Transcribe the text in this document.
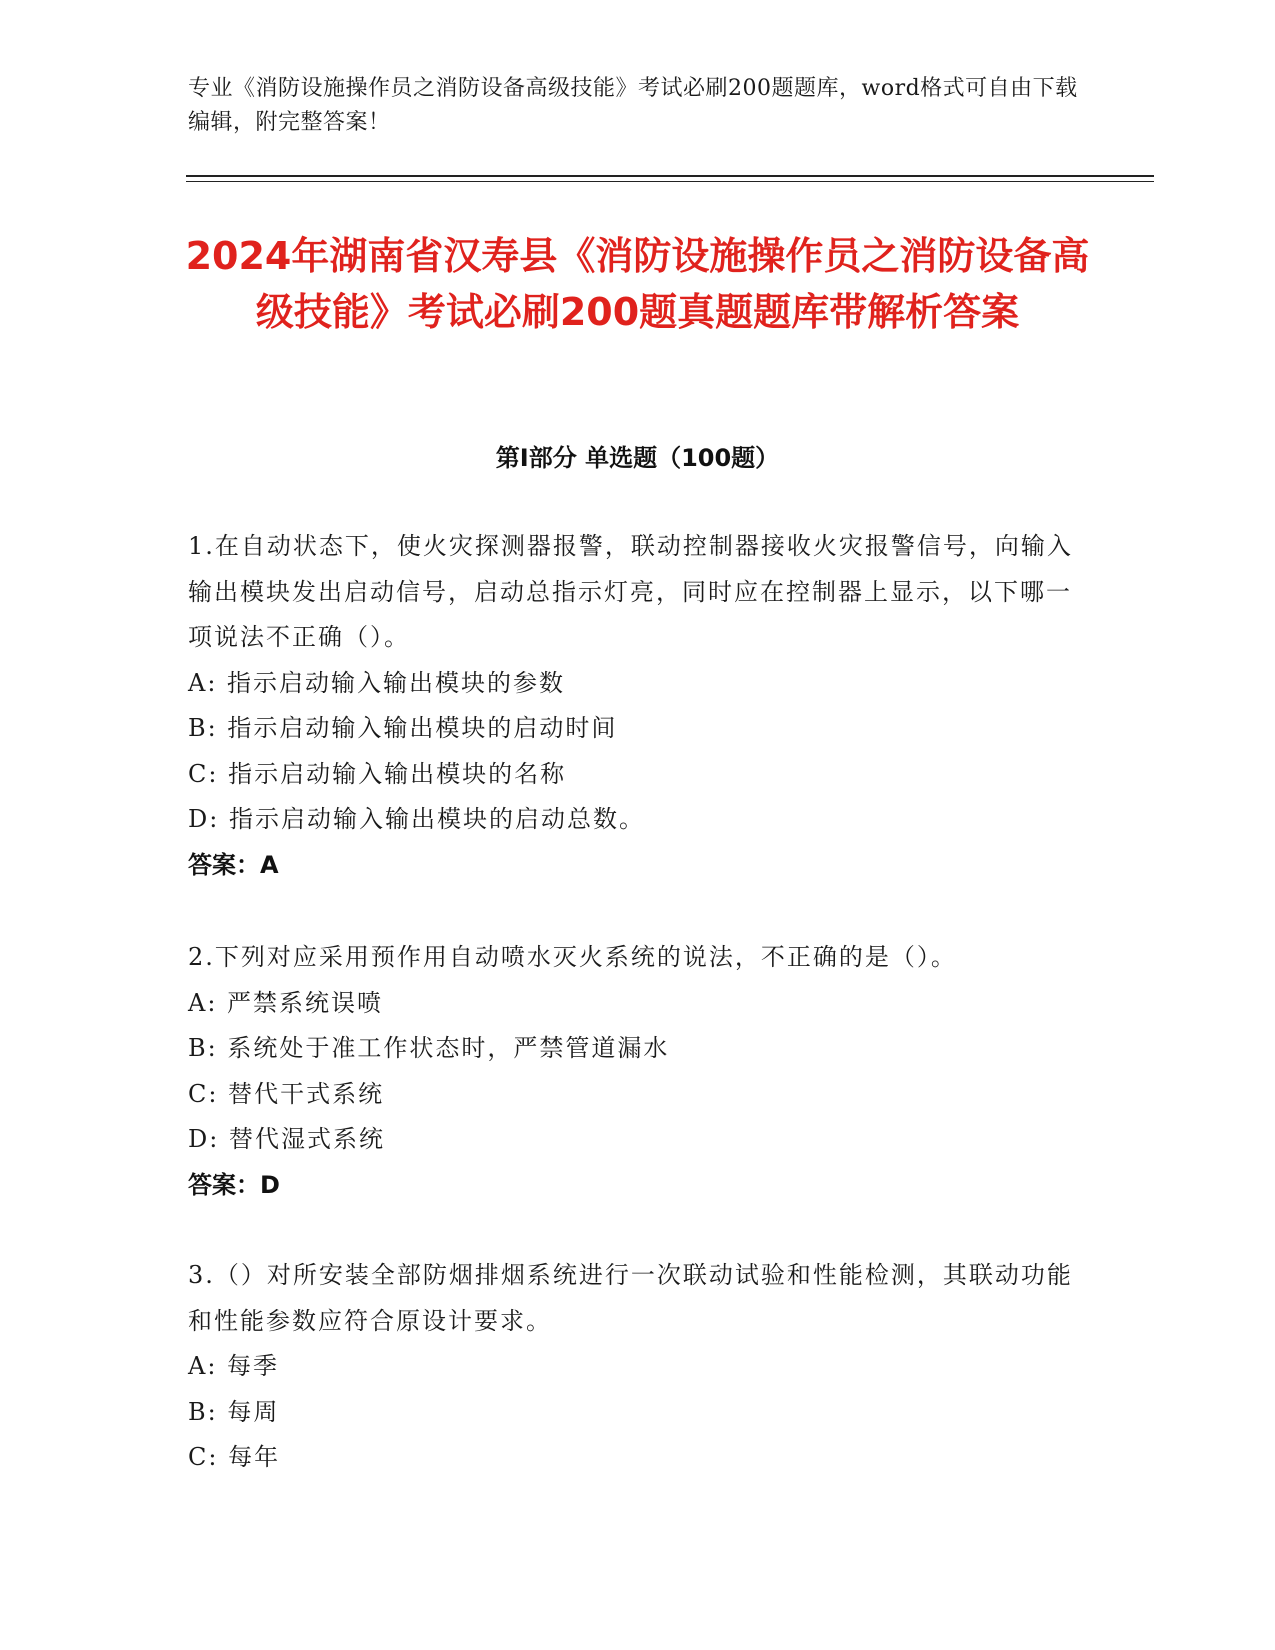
专业《消防设施操作员之消防设备高级技能》考试必刷200题题库，word格式可自由下载编辑，附完整答案！
2024年湖南省汉寿县《消防设施操作员之消防设备高级技能》考试必刷200题真题题库带解析答案
第I部分 单选题（100题）
1.在自动状态下，使火灾探测器报警，联动控制器接收火灾报警信号，向输入输出模块发出启动信号，启动总指示灯亮，同时应在控制器上显示，以下哪一项说法不正确（）。
A: 指示启动输入输出模块的参数
B: 指示启动输入输出模块的启动时间
C: 指示启动输入输出模块的名称
D: 指示启动输入输出模块的启动总数。
答案：A
2.下列对应采用预作用自动喷水灭火系统的说法，不正确的是（）。
A: 严禁系统误喷
B: 系统处于准工作状态时，严禁管道漏水
C: 替代干式系统
D: 替代湿式系统
答案：D
3.（）对所安装全部防烟排烟系统进行一次联动试验和性能检测，其联动功能和性能参数应符合原设计要求。
A: 每季
B: 每周
C: 每年
